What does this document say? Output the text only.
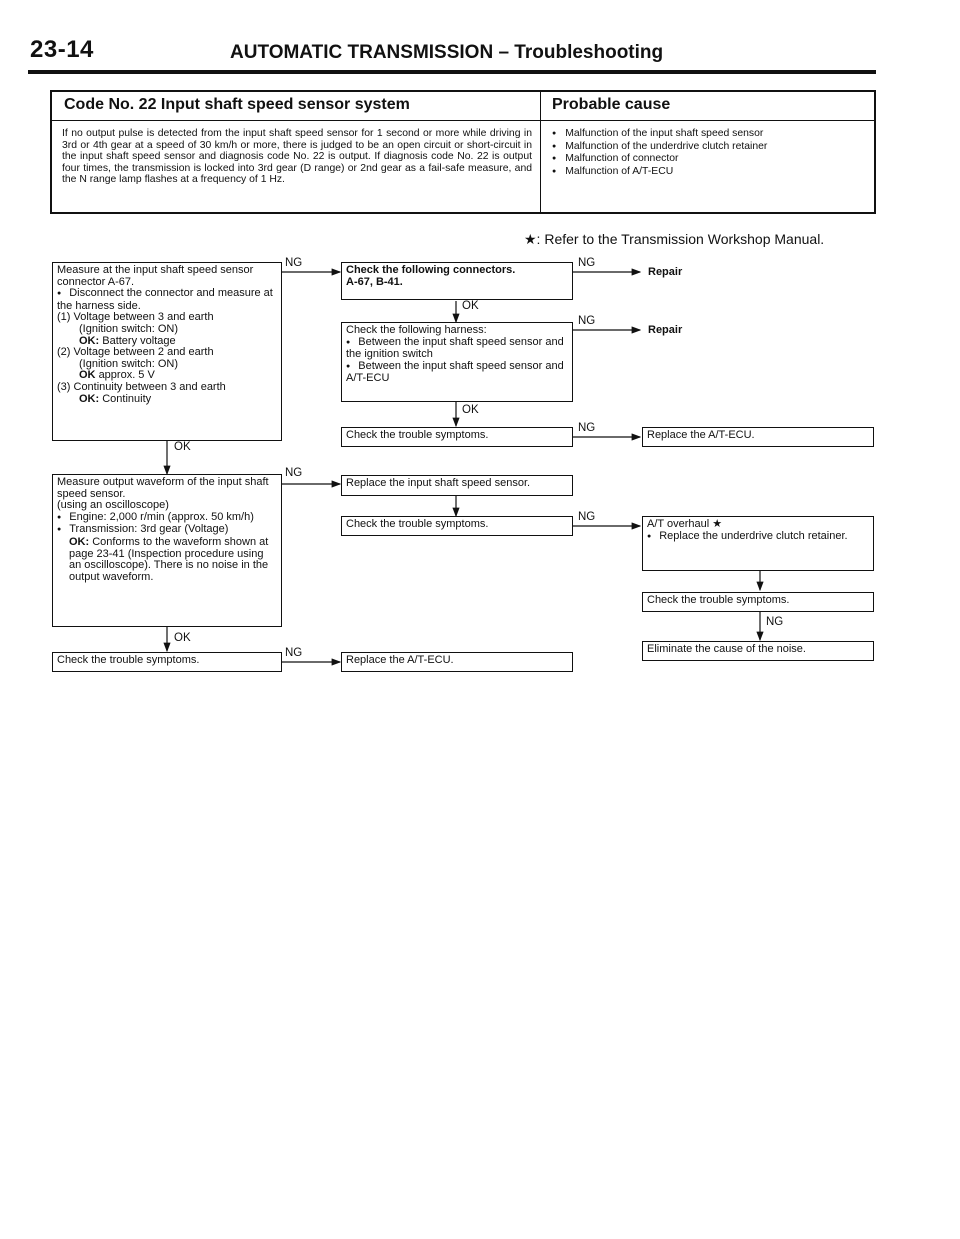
23-14	AUTOMATIC TRANSMISSION – Troubleshooting
Code No. 22 Input shaft speed sensor system	Probable cause
If no output pulse is detected from the input shaft speed sensor for 1 second or more while driving in 3rd or 4th gear at a speed of 30 km/h or more, there is judged to be an open circuit or short-circuit in the input shaft speed sensor and diagnosis code No. 22 is output. If diagnosis code No. 22 is output four times, the transmission is locked into 3rd gear (D range) or 2nd gear as a fail-safe measure, and the N range lamp flashes at a frequency of 1 Hz.
● Malfunction of the input shaft speed sensor
● Malfunction of the underdrive clutch retainer
● Malfunction of connector
● Malfunction of A/T-ECU
★: Refer to the Transmission Workshop Manual.
NG	NG
OK
NG
OK
NG
OK
NG
NG
NG
OK
NG

Measure at the input shaft speed sensor connector A-67.

● Disconnect the connector and measure at the harness side.

(1) Voltage between 3 and earth

(Ignition switch: ON)

OK: Battery voltage

(2) Voltage between 2 and earth

(Ignition switch: ON)

OK approx. 5 V

(3) Continuity between 3 and earth

OK: Continuity

Measure output waveform of the input shaft speed sensor.

(using an oscilloscope)

● Engine: 2,000 r/min (approx. 50 km/h)

● Transmission: 3rd gear (Voltage)

OK: Conforms to the waveform shown at page 23-41 (Inspection procedure using an oscilloscope). There is no noise in the output waveform.

Check the trouble symptoms.

Check the following connectors.

A-67, B-41.

Check the following harness:

● Between the input shaft speed sensor and the ignition switch

● Between the input shaft speed sensor and A/T-ECU

Check the trouble symptoms.

Replace the input shaft speed sensor.

Check the trouble symptoms.

Replace the A/T-ECU.

Repair
Repair

Replace the A/T-ECU.

A/T overhaul ★

● Replace the underdrive clutch retainer.

Check the trouble symptoms.

Eliminate the cause of the noise.
